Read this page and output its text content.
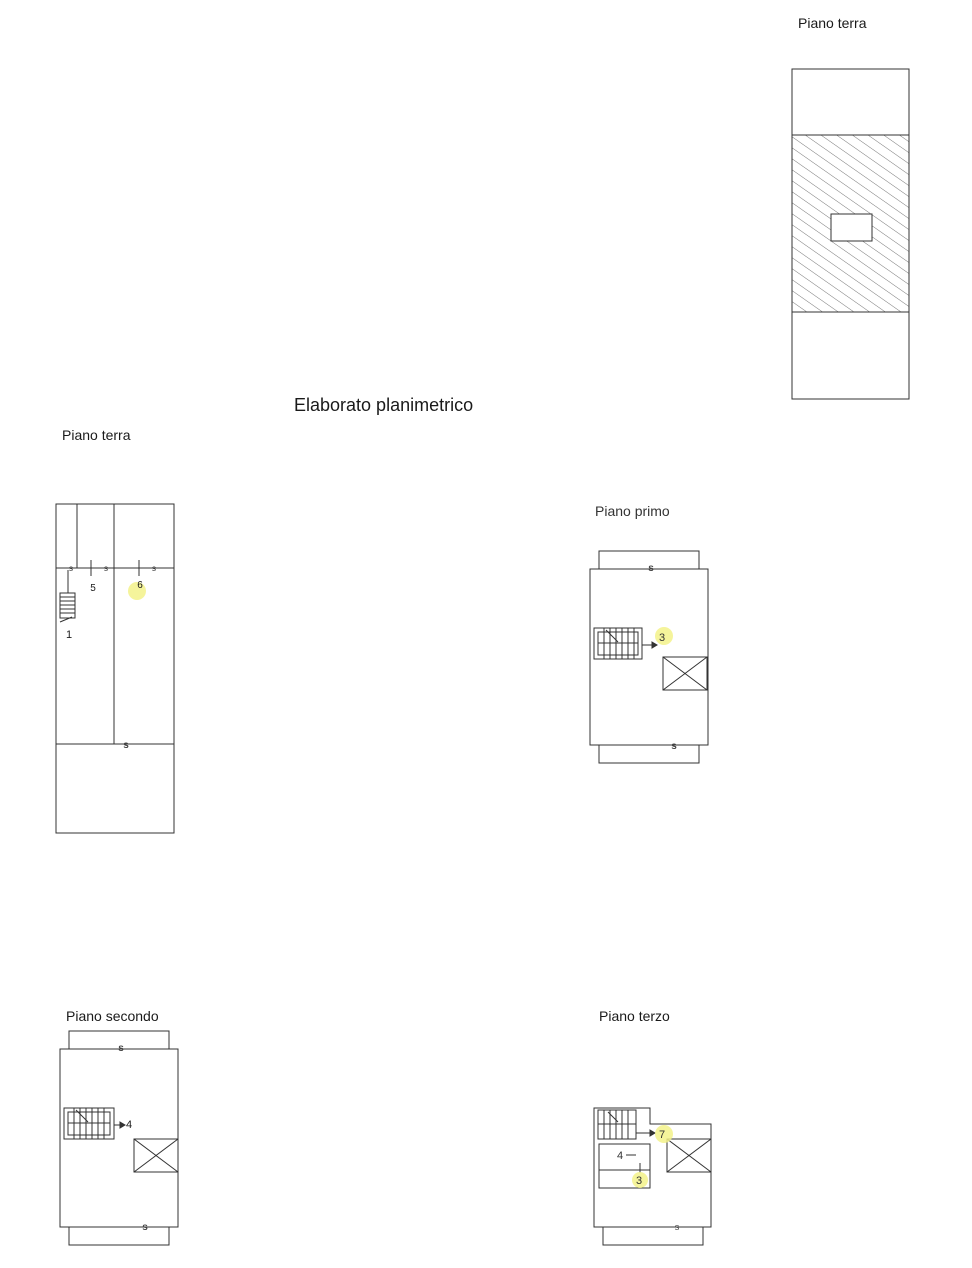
Piano terra
Elaborato planimetrico
Piano terra
Piano primo
Piano secondo	Piano terzo
s	s	s
s
1
5	6
3
s
s
4
s
s
7
4
3
s
